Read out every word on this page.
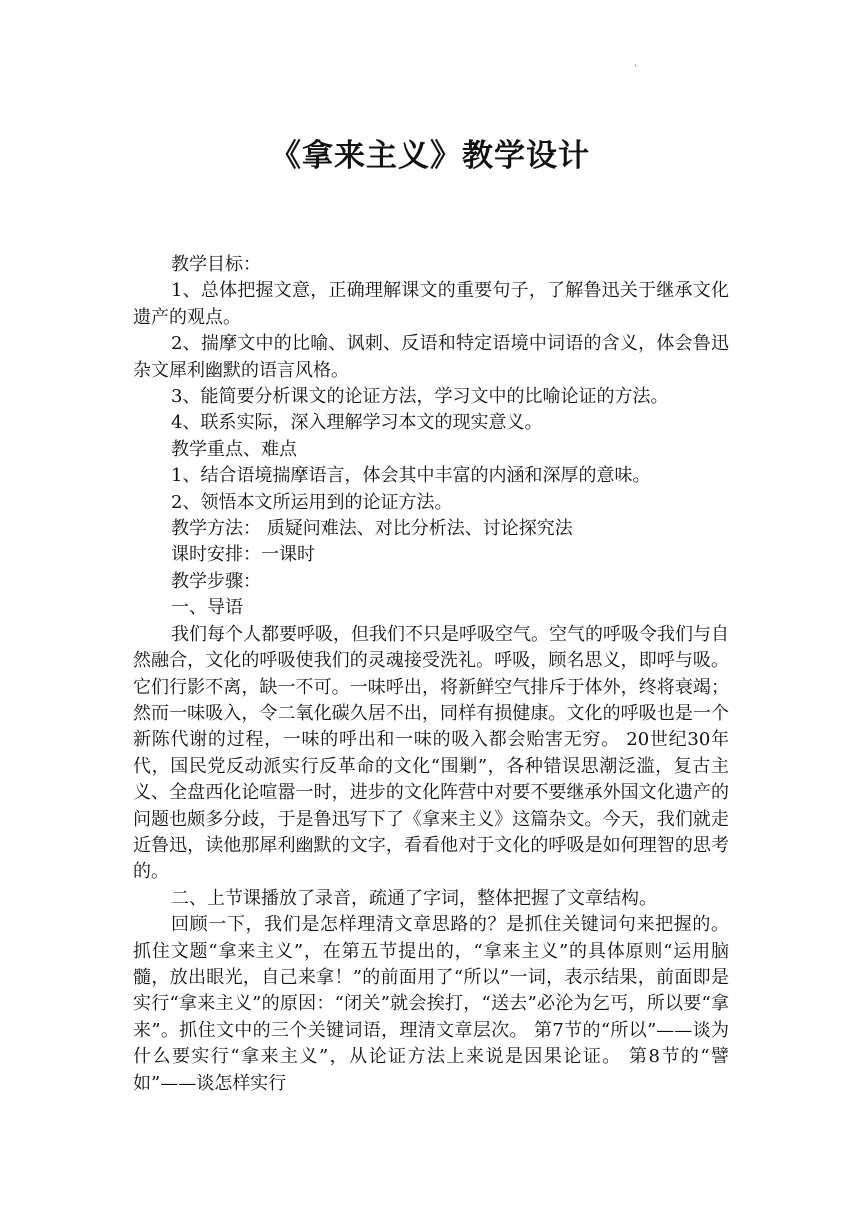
.
《拿来主义》教学设计

教学目标：

1、总体把握文意，正确理解课文的重要句子，了解鲁迅关于继承文化遗产的观点。

2、揣摩文中的比喻、讽刺、反语和特定语境中词语的含义，体会鲁迅杂文犀利幽默的语言风格。

3、能简要分析课文的论证方法，学习文中的比喻论证的方法。

4、联系实际，深入理解学习本文的现实意义。

教学重点、难点

1、结合语境揣摩语言，体会其中丰富的内涵和深厚的意味。

2、领悟本文所运用到的论证方法。

教学方法： 质疑问难法、对比分析法、讨论探究法

课时安排：一课时

教学步骤：

一、导语

我们每个人都要呼吸，但我们不只是呼吸空气。空气的呼吸令我们与自然融合，文化的呼吸使我们的灵魂接受洗礼。呼吸，顾名思义，即呼与吸。它们行影不离，缺一不可。一味呼出，将新鲜空气排斥于体外，终将衰竭；然而一味吸入，令二氧化碳久居不出，同样有损健康。文化的呼吸也是一个新陈代谢的过程，一味的呼出和一味的吸入都会贻害无穷。 20世纪30年代，国民党反动派实行反革命的文化“围剿”，各种错误思潮泛滥，复古主义、全盘西化论喧嚣一时，进步的文化阵营中对要不要继承外国文化遗产的问题也颇多分歧，于是鲁迅写下了《拿来主义》这篇杂文。今天，我们就走近鲁迅，读他那犀利幽默的文字，看看他对于文化的呼吸是如何理智的思考的。

二、上节课播放了录音，疏通了字词，整体把握了文章结构。

回顾一下，我们是怎样理清文章思路的？是抓住关键词句来把握的。 抓住文题“拿来主义”，在第五节提出的，“拿来主义”的具体原则“运用脑髓，放出眼光，自己来拿！”的前面用了“所以”一词，表示结果，前面即是实行“拿来主义”的原因：“闭关”就会挨打，“送去”必沦为乞丐，所以要“拿来”。抓住文中的三个关键词语，理清文章层次。 第7节的“所以”——谈为什么要实行“拿来主义”，从论证方法上来说是因果论证。 第8节的“譬如”——谈怎样实行
